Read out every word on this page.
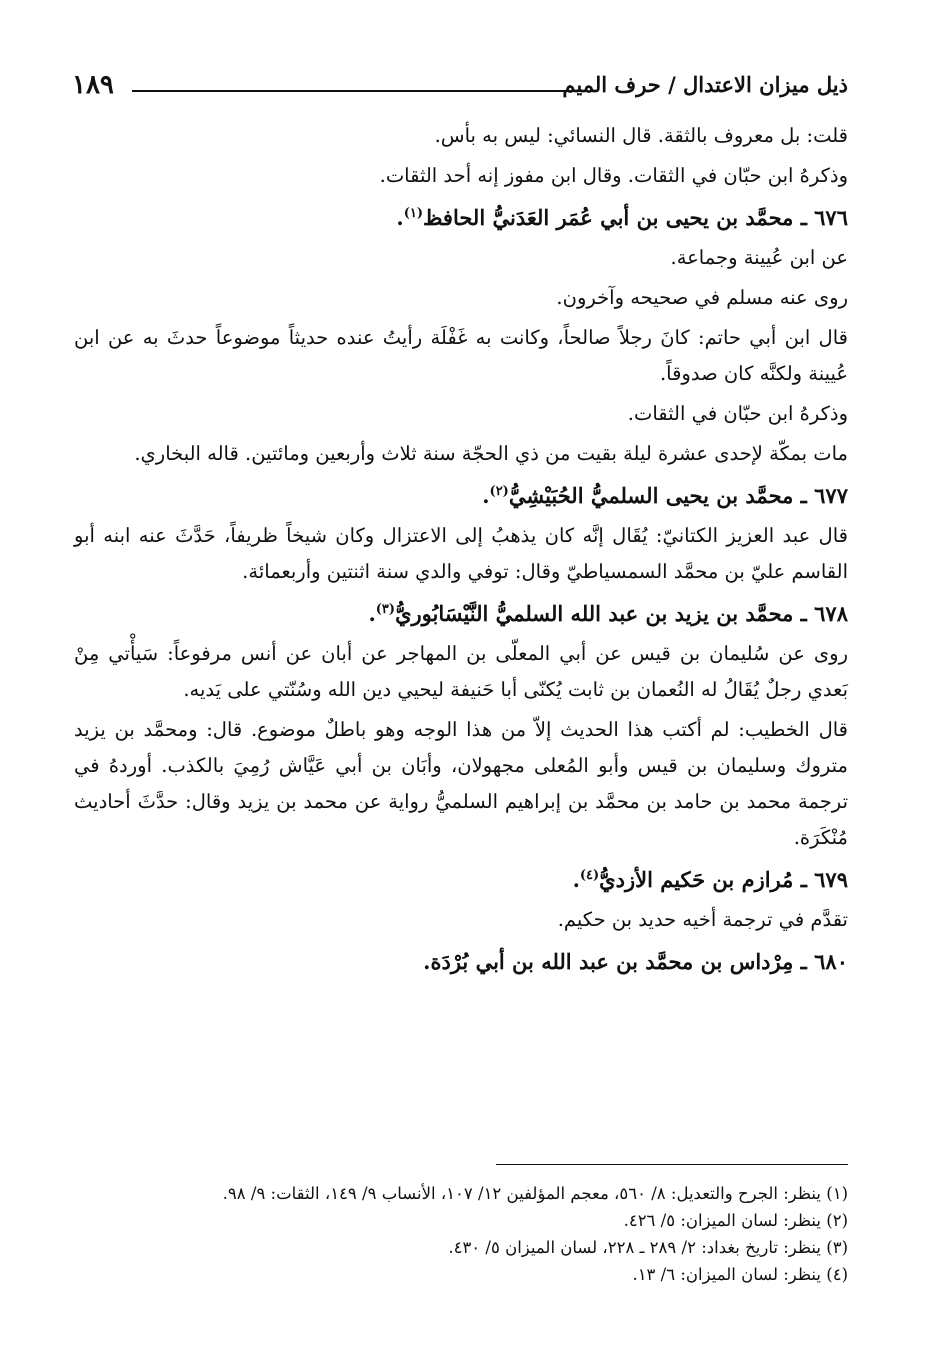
١٨٩	ذيل ميزان الاعتدال / حرف الميم

قلت: بل معروف بالثقة. قال النسائي: ليس به بأس.

وذكرهُ ابن حبّان في الثقات. وقال ابن مفوز إنه أحد الثقات.

٦٧٦ ـ محمَّد بن يحيى بن أبي عُمَر العَدَنيُّ الحافظ$^{(١)}$.

عن ابن عُيينة وجماعة.

روى عنه مسلم في صحيحه وآخرون.

قال ابن أبي حاتم: كانَ رجلاً صالحاً، وكانت به غَفْلَة رأيتُ عنده حديثاً موضوعاً حدثَ به عن ابن عُيينة ولكنَّه كان صدوقاً.

وذكرهُ ابن حبّان في الثقات.

مات بمكّة لإحدى عشرة ليلة بقيت من ذي الحجّة سنة ثلاث وأربعين ومائتين. قاله البخاري.

٦٧٧ ـ محمَّد بن يحيى السلميُّ الحُبَيْشِيُّ$^{(٢)}$.

قال عبد العزيز الكتانيّ: يُقَال إنَّه كان يذهبُ إلى الاعتزال وكان شيخاً ظريفاً، حَدَّثَ عنه ابنه أبو القاسم عليّ بن محمَّد السمسياطيّ وقال: توفي والدي سنة اثنتين وأربعمائة.

٦٧٨ ـ محمَّد بن يزيد بن عبد الله السلميُّ النَّيْسَابُوريُّ$^{(٣)}$.

روى عن سُليمان بن قيس عن أبي المعلّى بن المهاجر عن أبان عن أنس مرفوعاً: سَيأْتي مِنْ بَعدي رجلٌ يُقَالُ له النُعمان بن ثابت يُكنّى أبا حَنيفة ليحيي دين الله وسُنّتي على يَديه.

قال الخطيب: لم أكتب هذا الحديث إلاّ من هذا الوجه وهو باطلٌ موضوع. قال: ومحمَّد بن يزيد متروك وسليمان بن قيس وأبو المُعلى مجهولان، وأبَان بن أبي عَيَّاش رُمِيَ بالكذب. أوردهُ في ترجمة محمد بن حامد بن محمَّد بن إبراهيم السلميُّ رواية عن محمد بن يزيد وقال: حدَّثَ أحاديث مُنْكَرَة.

٦٧٩ ـ مُرازم بن حَكيم الأزديُّ$^{(٤)}$.

تقدَّم في ترجمة أخيه حديد بن حكيم.

٦٨٠ ـ مِرْداس بن محمَّد بن عبد الله بن أبي بُرْدَة.

(١) ينظر: الجرح والتعديل: ٨/ ٥٦٠، معجم المؤلفين ١٢/ ١٠٧، الأنساب ٩/ ١٤٩، الثقات: ٩/ ٩٨.
(٢) ينظر: لسان الميزان: ٥/ ٤٢٦.
(٣) ينظر: تاريخ بغداد: ٢/ ٢٨٩ ـ ٢٢٨، لسان الميزان ٥/ ٤٣٠.
(٤) ينظر: لسان الميزان: ٦/ ١٣.
